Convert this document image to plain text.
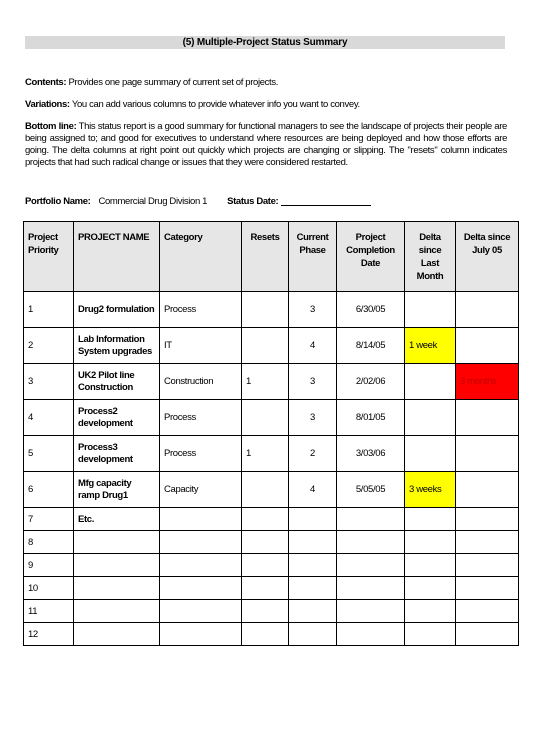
(5) Multiple-Project Status Summary
Contents: Provides one page summary of current set of projects.
Variations: You can add various columns to provide whatever info you want to convey.
Bottom line: This status report is a good summary for functional managers to see the landscape of projects their people are being assigned to; and good for executives to understand where resources are being deployed and how those efforts are going. The delta columns at right point out quickly which projects are changing or slipping. The "resets" column indicates projects that had such radical change or issues that they were considered restarted.
Portfolio Name: Commercial Drug Division 1 Status Date:
Project Priority	PROJECT NAME	Category	Resets	Current Phase	Project Completion Date	Delta since Last Month	Delta since July 05
1	Drug2 formulation	Process		3	6/30/05		
2	Lab Information System upgrades	IT		4	8/14/05	1 week	
3	UK2 Pilot line Construction	Construction	1	3	2/02/06		3 months
4	Process2 development	Process		3	8/01/05		
5	Process3 development	Process	1	2	3/03/06		
6	Mfg capacity ramp Drug1	Capacity		4	5/05/05	3 weeks	
7	Etc.						
8							
9							
10							
11							
12							
